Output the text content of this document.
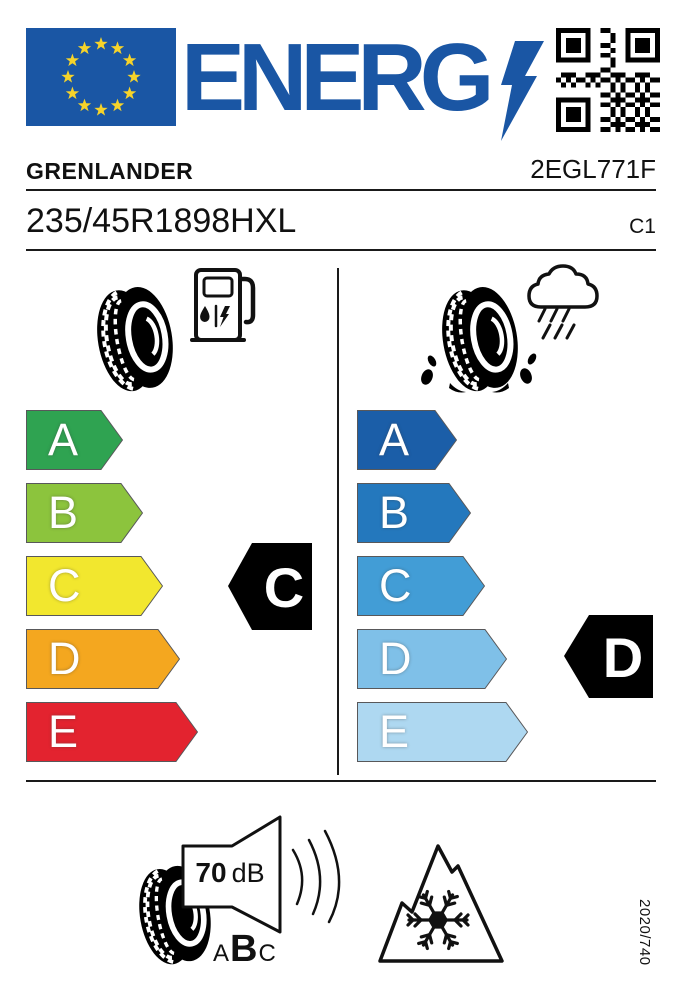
ENERG
GRENLANDER	2EGL771F
235/45R1898HXL	C1
A
B
C
D
E
C
A
B
C
D
E
D
70 dB
A B C	2020/740
